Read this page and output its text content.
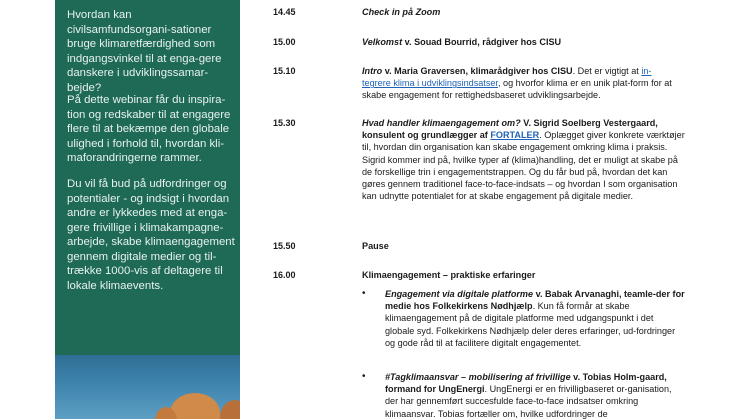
Hvordan kan civilsamfundsorgani-sationer bruge klimaretfærdighed som indgangsvinkel til at enga-gere danskere i udviklingssamar-bejde?
På dette webinar får du inspira-tion og redskaber til at engagere flere til at bekæmpe den globale ulighed i forhold til, hvordan kli-maforandringerne rammer.
Du vil få bud på udfordringer og potentialer - og indsigt i hvordan andre er lykkedes med at enga-gere frivillige i klimakampagne-arbejde, skabe klimaengagement gennem digitale medier og til-trække 1000-vis af deltagere til lokale klimaevents.
14.45	Check in på Zoom
15.00	Velkomst v. Souad Bourrid, rådgiver hos CISU
15.10	Intro v. Maria Graversen, klimarådgiver hos CISU. Det er vigtigt at in-
tegrere klima i udviklingsindsatser, og hvorfor klima er en unik plat-form for at skabe engagement for rettighedsbaseret udviklingsarbejde.
15.30	Hvad handler klimaengagement om? V. Sigrid Soelberg Vestergaard, konsulent og grundlægger af FORTALER. Oplægget giver konkrete værktøjer til, hvordan din organisation kan skabe engagement omkring klima i praksis. Sigrid kommer ind på, hvilke typer af (klima)handling, det er muligt at skabe på de forskellige trin i engagementstrappen. Og du får bud på, hvordan det kan gøres gennem traditionel face-to-face-indsats – og hvordan I som organisation kan udnytte potentialet for at skabe engagement på digitale medier.
15.50	Pause
16.00	Klimaengagement – praktiske erfaringer
• Engagement via digitale platforme v. Babak Arvanaghi, teamle-der for medie hos Folkekirkens Nødhjælp. Kun få formår at skabe klimaengagement på de digitale platforme med udgangspunkt i det globale syd. Folkekirkens Nødhjælp deler deres erfaringer, ud-fordringer og gode råd til at facilitere digitalt engagementet.
• #Tagklimaansvar – mobilisering af frivillige v. Tobias Holm-gaard, formand for UngEnergi. UngEnergi er en frivilligbaseret or-ganisation, der har gennemført succesfulde face-to-face indsatser omkring klimaansvar. Tobias fortæller om, hvilke udfordringer de
